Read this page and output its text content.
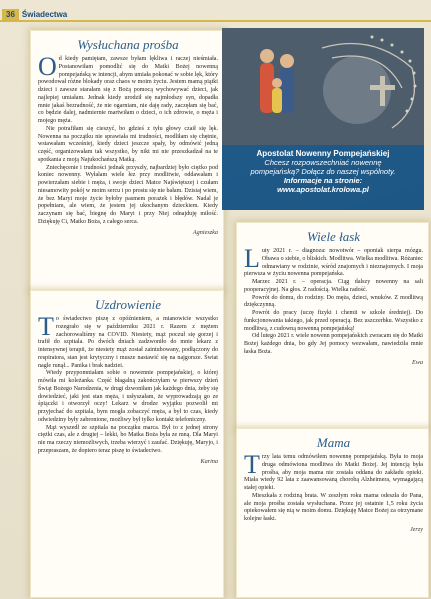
36 Świadectwa
Wysłuchana prośba

Od kiedy pamiętam, zawsze byłam lękliwa i raczej nieśmiała. Postanowiłam pomodlić się do Matki Bożej nowenną pompejańską w intencji, abym umiała pokonać w sobie lęk, który powodował różne blokady oraz chaos w moim życiu. Jestem mamą piątki dzieci i zawsze starałam się z Bożą pomocą wychowywać dzieci, jak najlepiej umiałam. Jednak kiedy urodził się najmłodszy syn, dopadła mnie jakaś bezradność, że nie ogarniam, nie daję rady, zaczęłam się bać, co będzie dalej, nadmiernie martwiłam o dzieci, o ich zdrowie, o męża i mojego męża.

Nie potrafiłam się cieszyć, bo gdzieś z tyłu głowy czaił się lęk. Nowenna na początku nie sprawiała mi trudności, modliłam się chętnie, wstawałam wcześniej, kiedy dzieci jeszcze spały, by odmówić jedną część, organizowałam tak wszystko, by nikt mi nie przeszkadzał na te spotkania z moją Najukochańszą Matką.

Zniechęcenie i trudności jednak przyszły, najbardziej było ciężko pod koniec nowenny. Wyłalam wiele łez przy modlitwie, oddawałam i powierzałam siebie i męża, i swoje dzieci Matce Najświętszej i czułam niesamowity pokój w moim sercu i po prostu się nie bałam. Dzisiaj wiem, że bez Maryi moje życie byłoby pasmem porażek i błędów. Nadal je popełniam, ale wiem, że jestem jej ukochanym dzieckiem. Kiedy zaczynam się bać, biegnę do Maryi i przy Niej odnajduję miłość. Dziękuję Ci, Matko Boża, z całego serca.

Agnieszka
Apostolat Nowenny Pompejańskiej
Chcesz rozpowszechniać nowennę
pompejańską? Dołącz do naszej wspólnoty.
Informacje na stronie:
www.apostolat.krolowa.pl
Uzdrowienie

To świadectwo piszę z opóźnieniem, a mianowicie wszystko rozegrało się w październiku 2021 r. Razem z mężem zachorowaliśmy na COVID. Niestety, mąż poczuł się gorzej i trafił do szpitala. Po dwóch dniach zadzwoniło do mnie lekarz z intensywnej terapii, że niestety mąż został zaintubowany, podłączony do respiratora, stan jest krytyczny i musze nastawić się na najgorsze. Świat nagle runął... Panika i brak nadziei.

Wtedy przypomniałam sobie o nowennie pompejańskiej, o której mówiła mi koleżanka. Część błagalną zakończyłam w pierwszy dzień Świąt Bożego Narodzenia, w drugi dzwoniłam jak każdego dnia, żeby się dowiedzieć, jaki jest stan męża, i usłyszałam, że wyprowadzają go ze śpiączki i otworzył oczy! Lekarz w drodze wyjątku pozwolił mi przyjechać do szpitala, bym mogła zobaczyć męża, a był to czas, kiedy odwiedziny były zabronione, możliwy był tylko kontakt telefoniczny.

Mąż wyszedł ze szpitala na początku marca. Był to z jednej strony ciężki czas, ale z drugiej – lekki, bo Matka Boża była ze mną. Dla Maryi nie ma rzeczy niemożliwych, trzeba wierzyć i zaufać. Dziękuję, Maryjo, i przepraszam, że dopiero teraz piszę to świadectwo.

Karina
Wiele łask

Luty 2021 r. – diagnoza: nowotwór – oponiak sierpa mózgu. Obawa o siebie, o bliskich. Modlitwa. Wielka modlitwa. Różaniec odmawiany w rodzinie, wśród znajomych i nieznajomych. I moja pierwsza w życiu nowenna pompejańska.

Marzec 2021 r. – operacja. Ciąg dalszy nowenny na sali pooperacyjnej. Na głos. Z radością. Wielka radość.

Powrót do domu, do rodziny. Do męża, dzieci, wnuków. Z modlitwą dziękczynną.

Powrót do pracy (uczę fizyki i chemii w szkole średniej). Do funkcjonowania takiego, jak przed operacją. Bez uszczerbku. Wszystko z modlitwą, z cudowną nowenną pompejańską!

Od lutego 2021 r. wiele nowenn pompejańskich zwracam się do Matki Bożej każdego dnia, bo gdy Jej pomocy wezwałam, nawiedziła mnie łaska Boża.

Ewa
Mama

Trzy lata temu odmówiłem nowennę pompejańską. Była to moja druga odmówiona modlitwa do Matki Bożej. Jej intencją była prośba, aby moja mama nie została oddana do zakładu opieki. Miała wtedy 92 lata z zaawansowaną chorobą Alzheimera, wymagającą stałej opieki.

Mieszkała z rodziną brata. W zeszłym roku mama odeszła do Pana, ale moja prośba została wysłuchana. Przez jej ostatnie 1,5 roku życia opiekowałem się nią w moim domu. Dziękuję Matce Bożej za otrzymane kolejne łaski.

Jerzy
